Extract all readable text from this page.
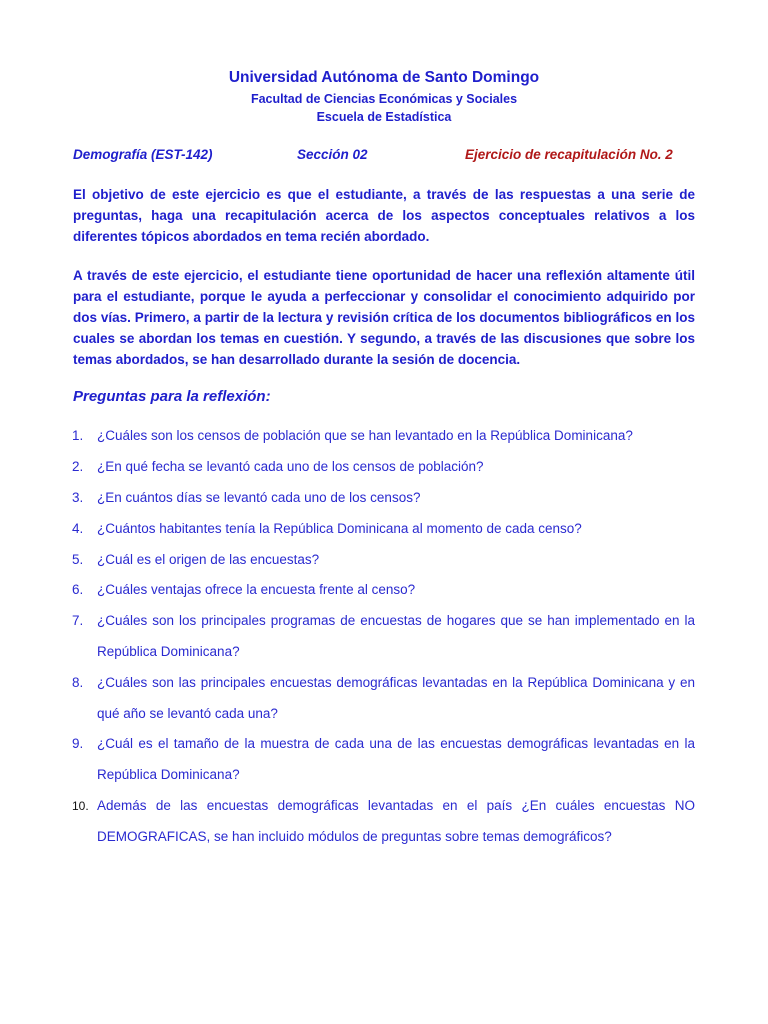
Universidad Autónoma de Santo Domingo
Facultad de Ciencias Económicas y Sociales
Escuela de Estadística
Demografía (EST-142)	Sección 02	Ejercicio de recapitulación No. 2

El objetivo de este ejercicio es que el estudiante, a través de las respuestas a una serie de preguntas, haga una recapitulación acerca de los aspectos conceptuales relativos a los diferentes tópicos abordados en tema recién abordado.

A través de este ejercicio, el estudiante tiene oportunidad de hacer una reflexión altamente útil para el estudiante, porque le ayuda a perfeccionar y consolidar el conocimiento adquirido por dos vías. Primero, a partir de la lectura y revisión crítica de los documentos bibliográficos en los cuales se abordan los temas en cuestión. Y segundo, a través de las discusiones que sobre los temas abordados, se han desarrollado durante la sesión de docencia.

Preguntas para la reflexión:
1. ¿Cuáles son los censos de población que se han levantado en la República Dominicana?
2. ¿En qué fecha se levantó cada uno de los censos de población?
3. ¿En cuántos días se levantó cada uno de los censos?
4. ¿Cuántos habitantes tenía la República Dominicana al momento de cada censo?
5. ¿Cuál es el origen de las encuestas?
6. ¿Cuáles ventajas ofrece la encuesta frente al censo?
7. ¿Cuáles son los principales programas de encuestas de hogares que se han implementado en la República Dominicana?
8. ¿Cuáles son las principales encuestas demográficas levantadas en la República Dominicana y en qué año se levantó cada una?
9. ¿Cuál es el tamaño de la muestra de cada una de las encuestas demográficas levantadas en la República Dominicana?
10. Además de las encuestas demográficas levantadas en el país ¿En cuáles encuestas NO DEMOGRAFICAS, se han incluido módulos de preguntas sobre temas demográficos?
